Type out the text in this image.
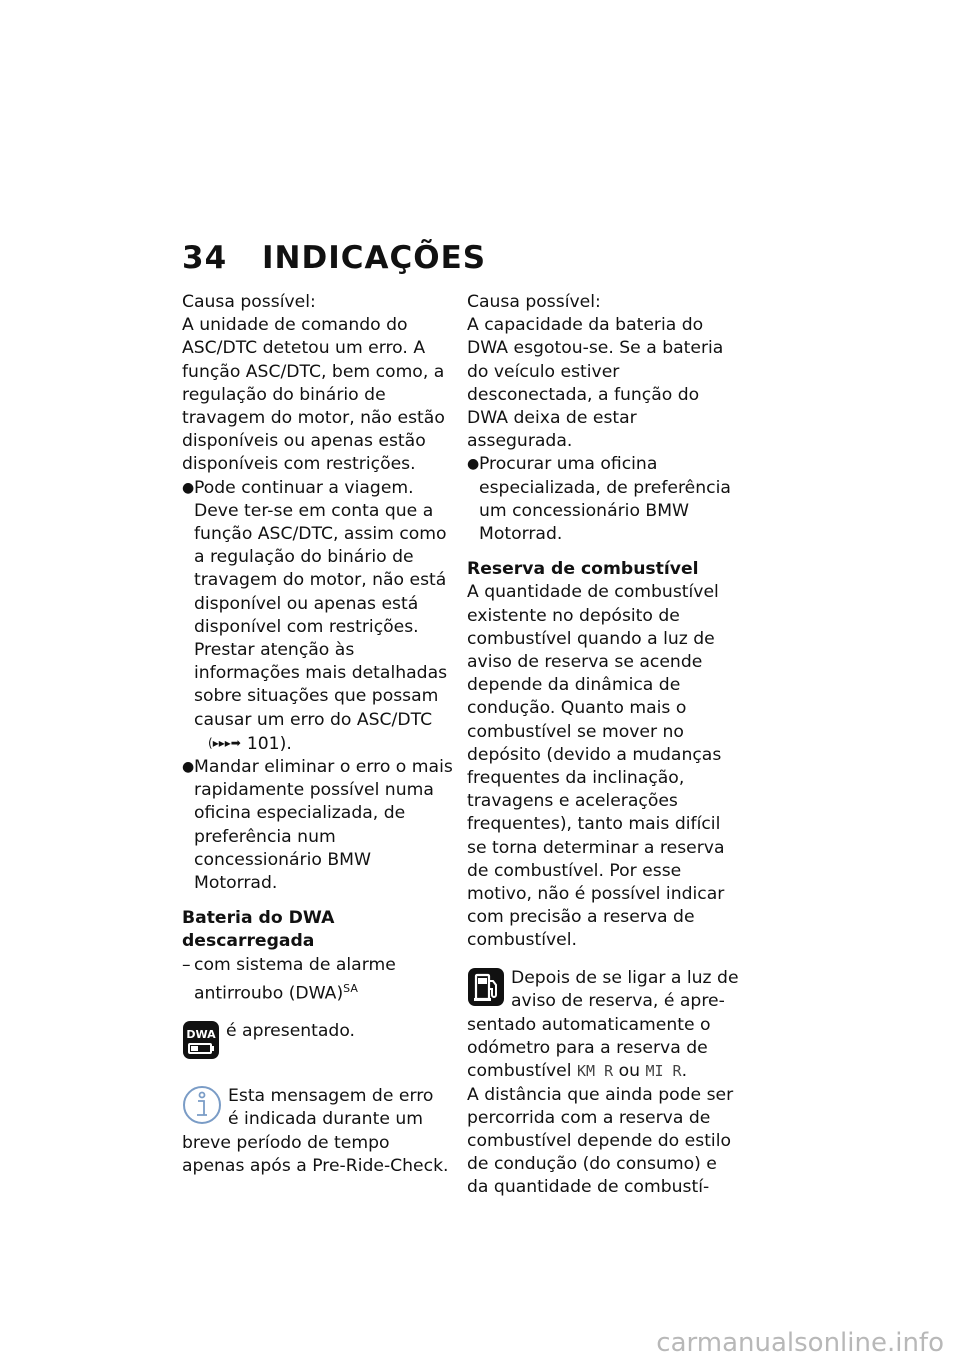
34 INDICAÇÕES

Causa possível:

A unidade de comando do ASC/DTC detetou um erro. A função ASC/DTC, bem como, a regulação do binário de travagem do motor, não estão disponíveis ou apenas estão disponíveis com restrições.

● Pode continuar a viagem. Deve ter-se em conta que a função ASC/DTC, assim como a regulação do binário de travagem do motor, não está disponível ou apenas está disponível com restrições. Prestar atenção às informações mais detalhadas sobre situações que possam causar um erro do ASC/DTC(▸▸▸➡ 101).
● Mandar eliminar o erro o mais rapidamente possível numa oficina especializada, de preferência num concessionário BMW Motorrad.

Bateria do DWA descarregada

– com sistema de alarme antirroubo (DWA)$^{SA}$
DWA é apresentado.
Esta mensagem de erro
é indicada durante um
breve período de tempo apenas após a Pre-Ride-Check.

Causa possível:

A capacidade da bateria do DWA esgotou-se. Se a bateria do veículo estiver desconectada, a função do DWA deixa de estar assegurada.

● Procurar uma oficina especializada, de preferência um concessionário BMW Motorrad.

Reserva de combustível

A quantidade de combustível existente no depósito de combustível quando a luz de aviso de reserva se acende depende da dinâmica de condução. Quanto mais o combustível se mover no depósito (devido a mudanças frequentes da inclinação, travagens e acelerações frequentes), tanto mais difícil se torna determinar a reserva de combustível. Por esse motivo, não é possível indicar com precisão a reserva de combustível.

Depois de se ligar a luz de
aviso de reserva, é apre-
sentado automaticamente o odómetro para a reserva de combustível KM R ou MI R.

A distância que ainda pode ser percorrida com a reserva de combustível depende do estilo de condução (do consumo) e da quantidade de combustí-

carmanualsonline.info
